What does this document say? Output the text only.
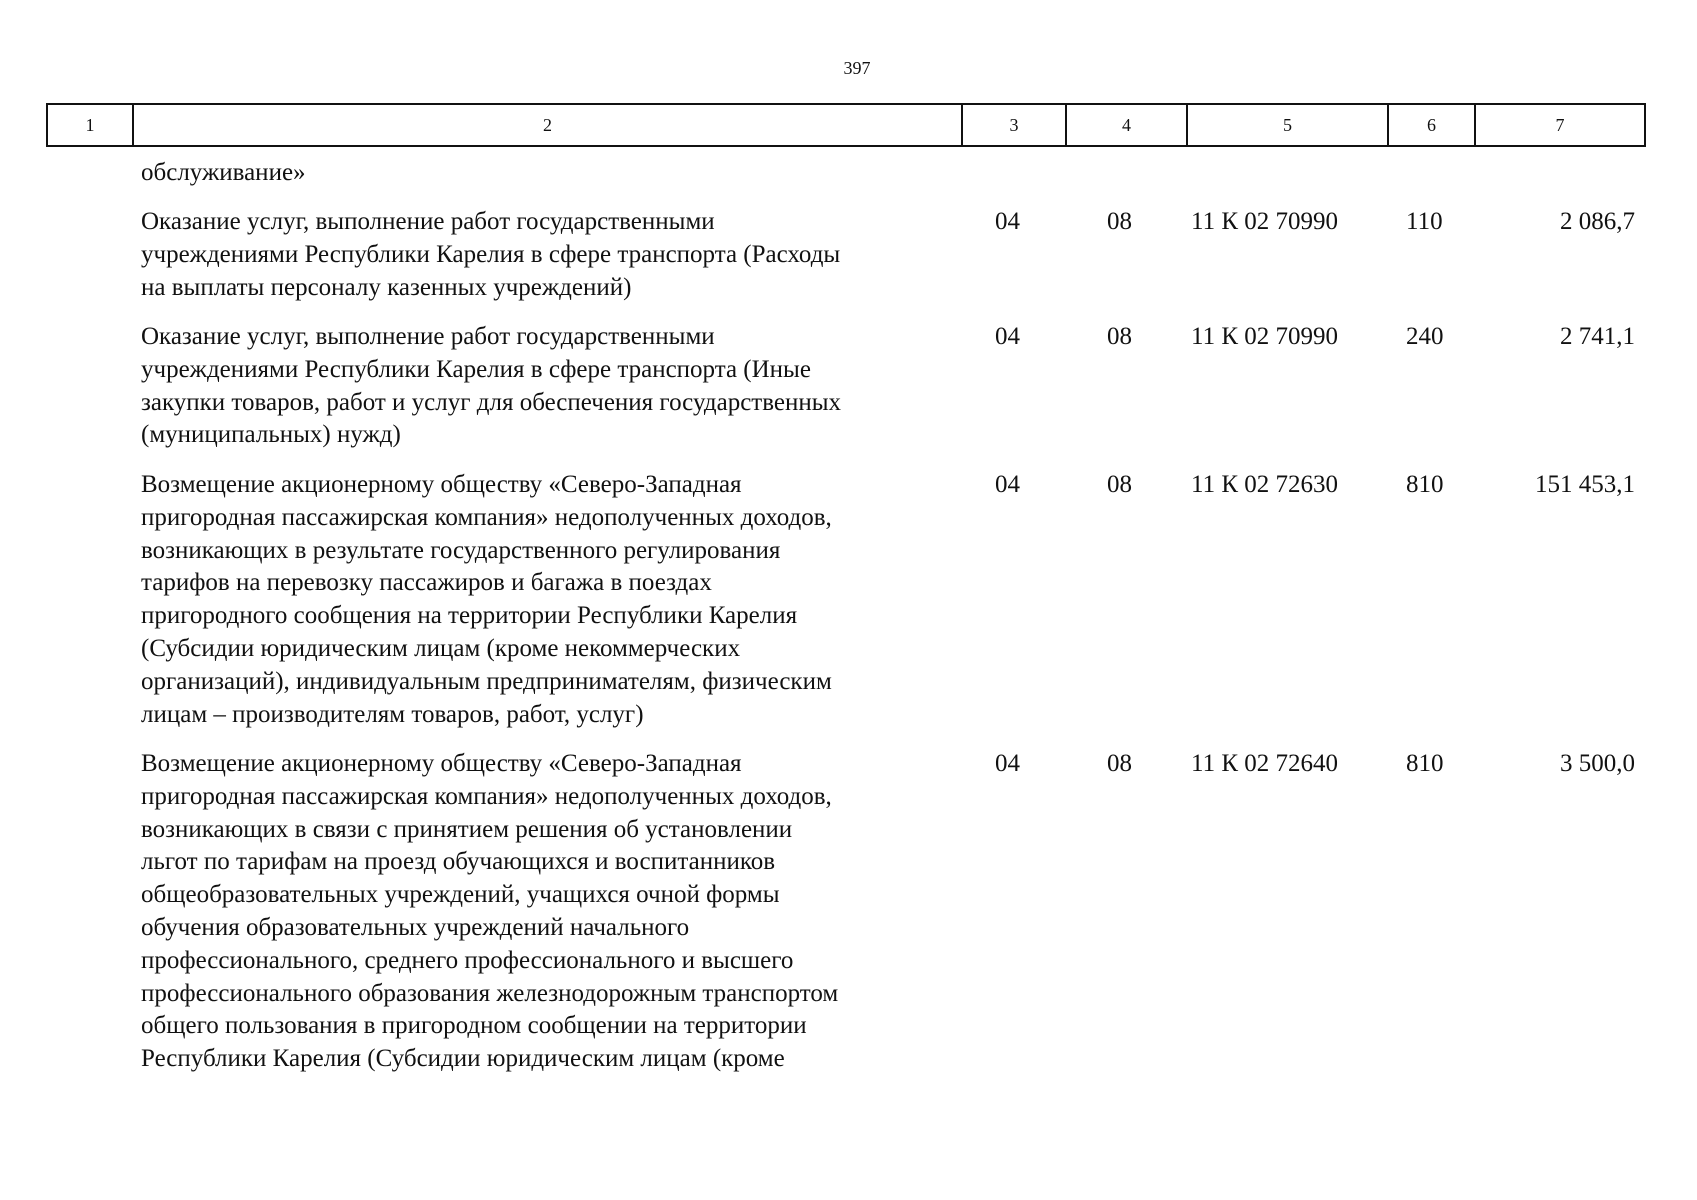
397
1	2	3	4	5	6	7
обслуживание»
Оказание услуг, выполнение работ государственными
учреждениями Республики Карелия в сфере транспорта (Расходы
на выплаты персоналу казенных учреждений)
04	08 11 К 02 70990	110	2 086,7
Оказание услуг, выполнение работ государственными
учреждениями Республики Карелия в сфере транспорта (Иные
закупки товаров, работ и услуг для обеспечения государственных
(муниципальных) нужд)
04	08 11 К 02 70990	240	2 741,1
Возмещение акционерному обществу «Северо-Западная
пригородная пассажирская компания» недополученных доходов,
возникающих в результате государственного регулирования
тарифов на перевозку пассажиров и багажа в поездах
пригородного сообщения на территории Республики Карелия
(Субсидии юридическим лицам (кроме некоммерческих
организаций), индивидуальным предпринимателям, физическим
лицам – производителям товаров, работ, услуг)
04	08 11 К 02 72630	810	151 453,1
Возмещение акционерному обществу «Северо-Западная
пригородная пассажирская компания» недополученных доходов,
возникающих в связи с принятием решения об установлении
льгот по тарифам на проезд обучающихся и воспитанников
общеобразовательных учреждений, учащихся очной формы
обучения образовательных учреждений начального
профессионального, среднего профессионального и высшего
профессионального образования железнодорожным транспортом
общего пользования в пригородном сообщении на территории
Республики Карелия (Субсидии юридическим лицам (кроме
04	08 11 К 02 72640	810	3 500,0
